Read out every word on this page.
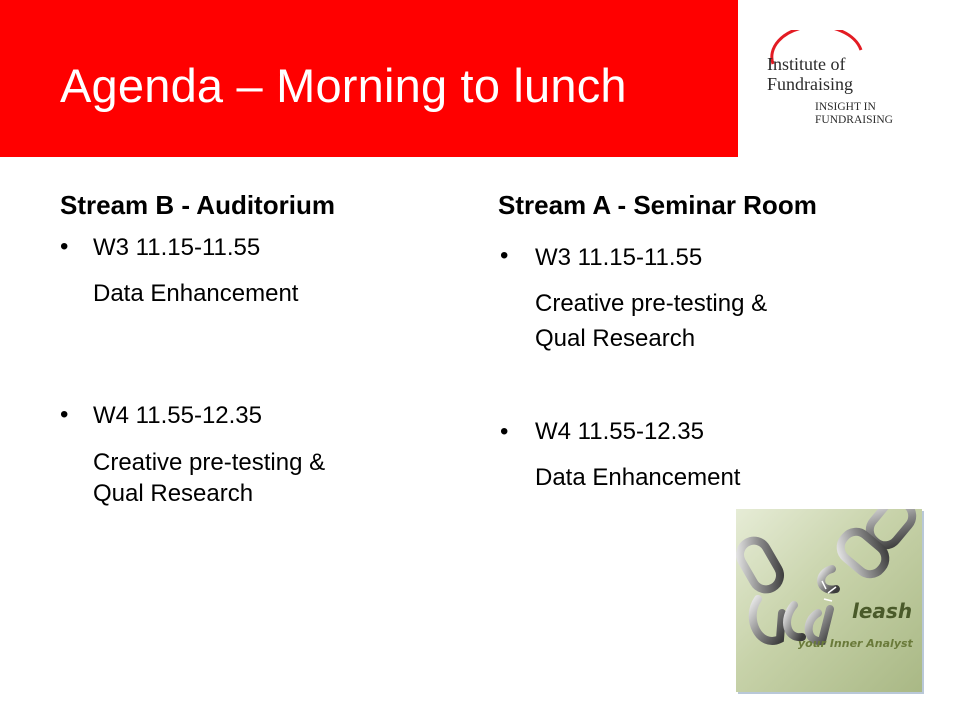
Agenda – Morning to lunch	Institute of
Fundraising
INSIGHT IN
FUNDRAISING
Stream B - Auditorium
• W3 11.15-11.55
Data Enhancement
• W4 11.55-12.35
Creative pre-testing &
Qual Research
Stream A - Seminar Room
• W3 11.15-11.55
Creative pre-testing &
Qual Research
• W4 11.55-12.35
Data Enhancement
leash
your Inner Analyst
